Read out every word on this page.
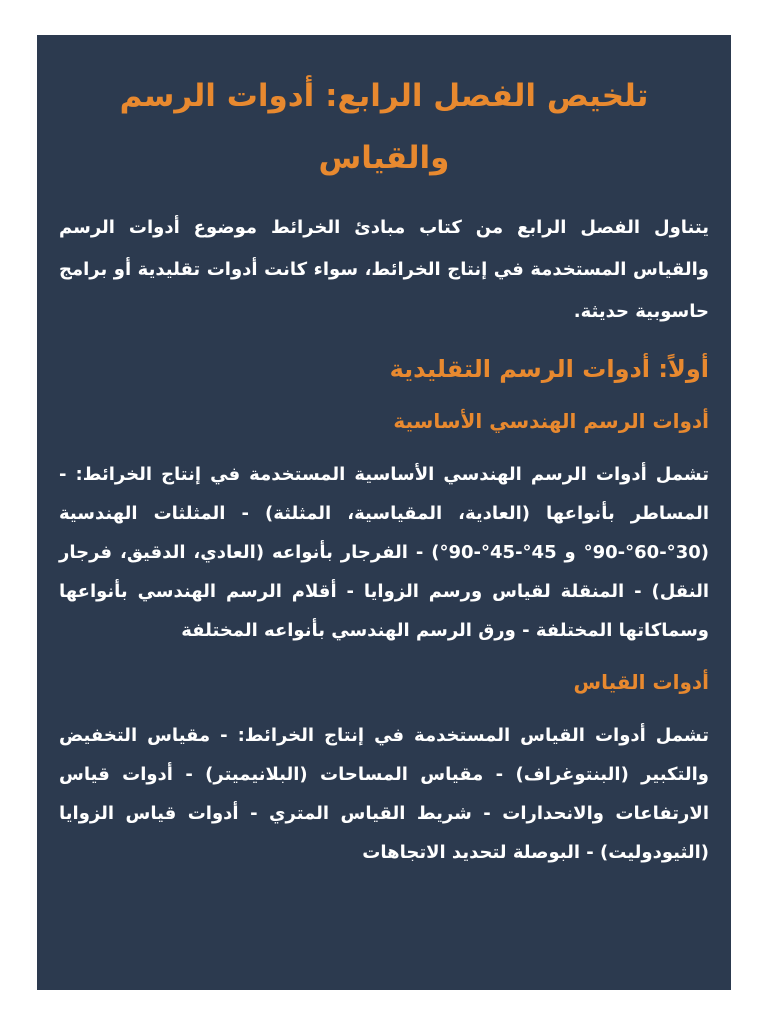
تلخيص الفصل الرابع: أدوات الرسم والقياس

يتناول الفصل الرابع من كتاب مبادئ الخرائط موضوع أدوات الرسم والقياس المستخدمة في إنتاج الخرائط، سواء كانت أدوات تقليدية أو برامج حاسوبية حديثة.

أولاً: أدوات الرسم التقليدية
أدوات الرسم الهندسي الأساسية

تشمل أدوات الرسم الهندسي الأساسية المستخدمة في إنتاج الخرائط: - المساطر بأنواعها (العادية، المقياسية، المثلثة) - المثلثات الهندسية (30°-60°-90° و 45°-45°-90°) - الفرجار بأنواعه (العادي، الدقيق، فرجار النقل) - المنقلة لقياس ورسم الزوايا - أقلام الرسم الهندسي بأنواعها وسماكاتها المختلفة - ورق الرسم الهندسي بأنواعه المختلفة

أدوات القياس

تشمل أدوات القياس المستخدمة في إنتاج الخرائط: - مقياس التخفيض والتكبير (البنتوغراف) - مقياس المساحات (البلانيميتر) - أدوات قياس الارتفاعات والانحدارات - شريط القياس المتري - أدوات قياس الزوايا (الثيودوليت) - البوصلة لتحديد الاتجاهات
